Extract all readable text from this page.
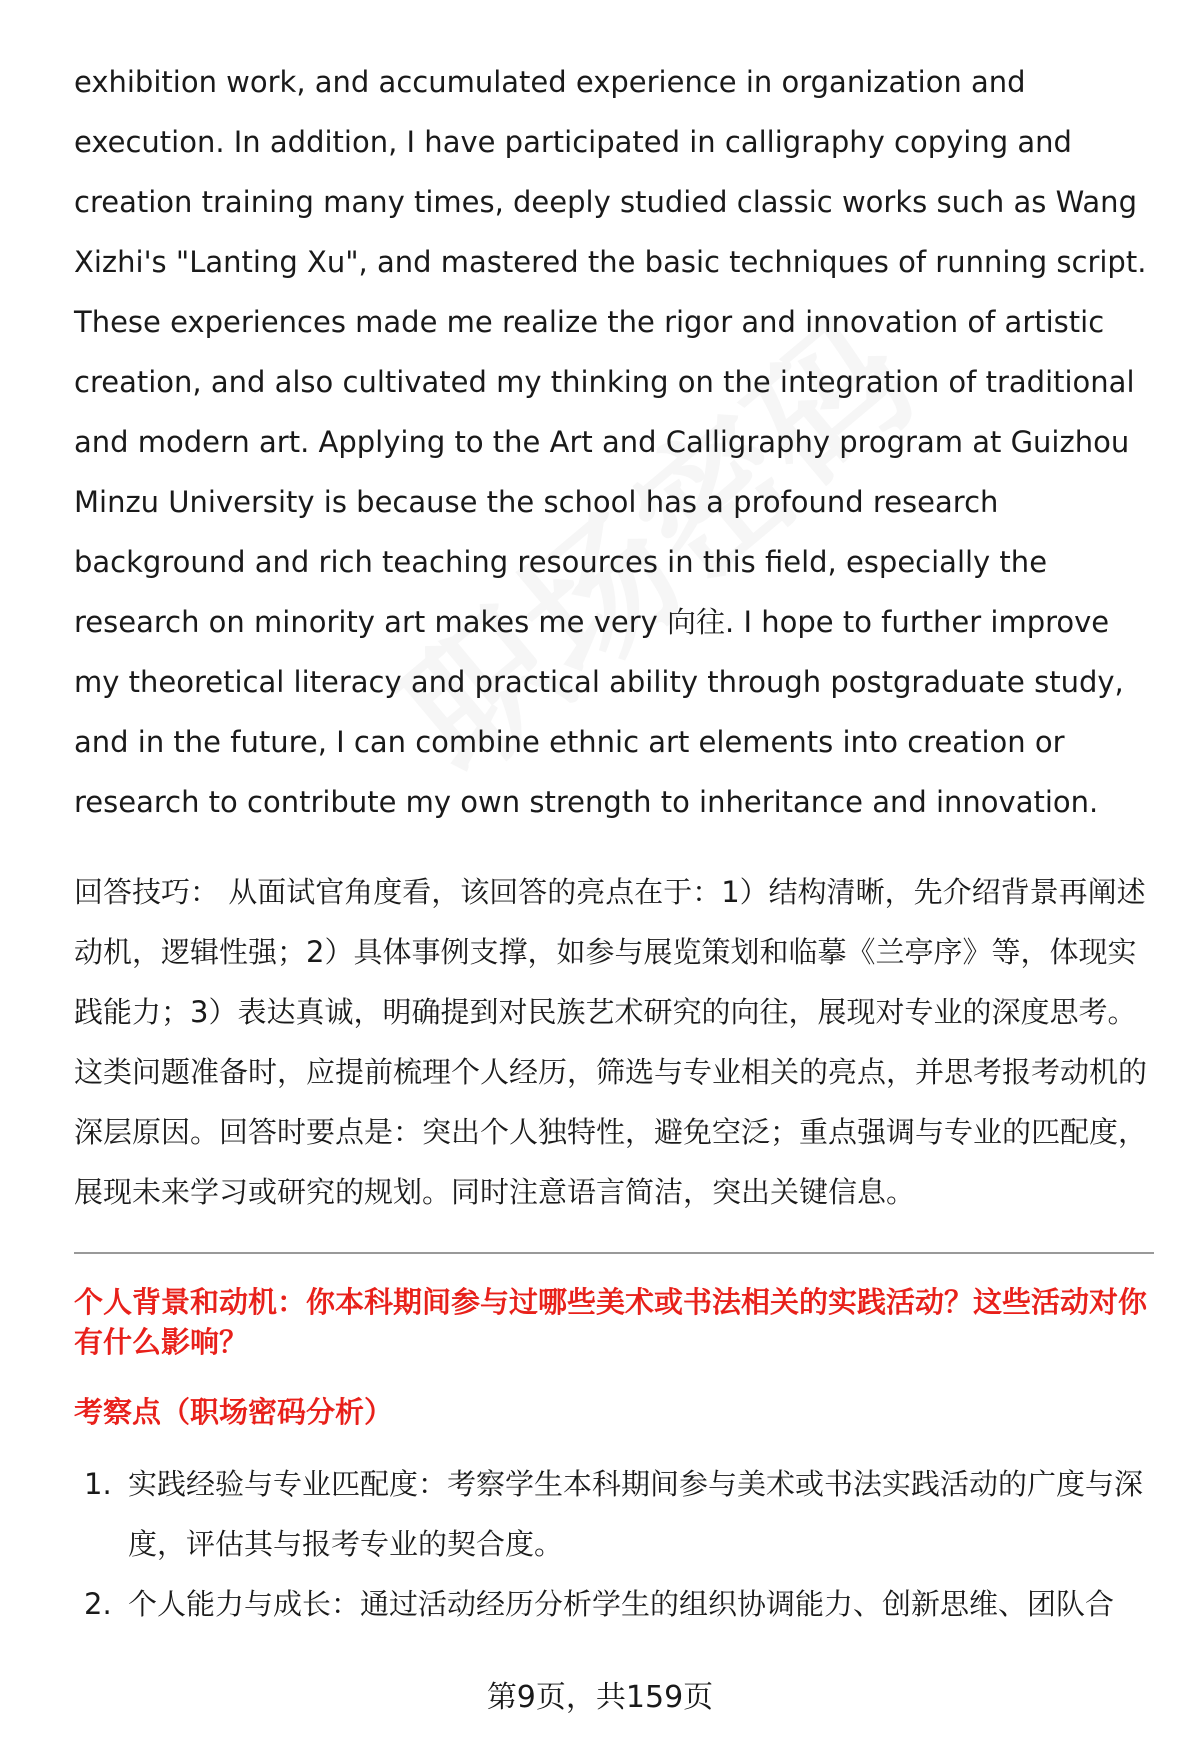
exhibition work, and accumulated experience in organization and execution. In addition, I have participated in calligraphy copying and creation training many times, deeply studied classic works such as Wang Xizhi's "Lanting Xu", and mastered the basic techniques of running script. These experiences made me realize the rigor and innovation of artistic creation, and also cultivated my thinking on the integration of traditional and modern art. Applying to the Art and Calligraphy program at Guizhou Minzu University is because the school has a profound research background and rich teaching resources in this field, especially the research on minority art makes me very 向往. I hope to further improve my theoretical literacy and practical ability through postgraduate study, and in the future, I can combine ethnic art elements into creation or research to contribute my own strength to inheritance and innovation.

回答技巧： 从面试官角度看，该回答的亮点在于：1）结构清晰，先介绍背景再阐述动机，逻辑性强；2）具体事例支撑，如参与展览策划和临摹《兰亭序》等，体现实践能力；3）表达真诚，明确提到对民族艺术研究的向往，展现对专业的深度思考。这类问题准备时，应提前梳理个人经历，筛选与专业相关的亮点，并思考报考动机的深层原因。回答时要点是：突出个人独特性，避免空泛；重点强调与专业的匹配度，展现未来学习或研究的规划。同时注意语言简洁，突出关键信息。

个人背景和动机：你本科期间参与过哪些美术或书法相关的实践活动？这些活动对你有什么影响？

考察点（职场密码分析）

1. 实践经验与专业匹配度：考察学生本科期间参与美术或书法实践活动的广度与深度，评估其与报考专业的契合度。
2. 个人能力与成长：通过活动经历分析学生的组织协调能力、创新思维、团队合
第9页，共159页
